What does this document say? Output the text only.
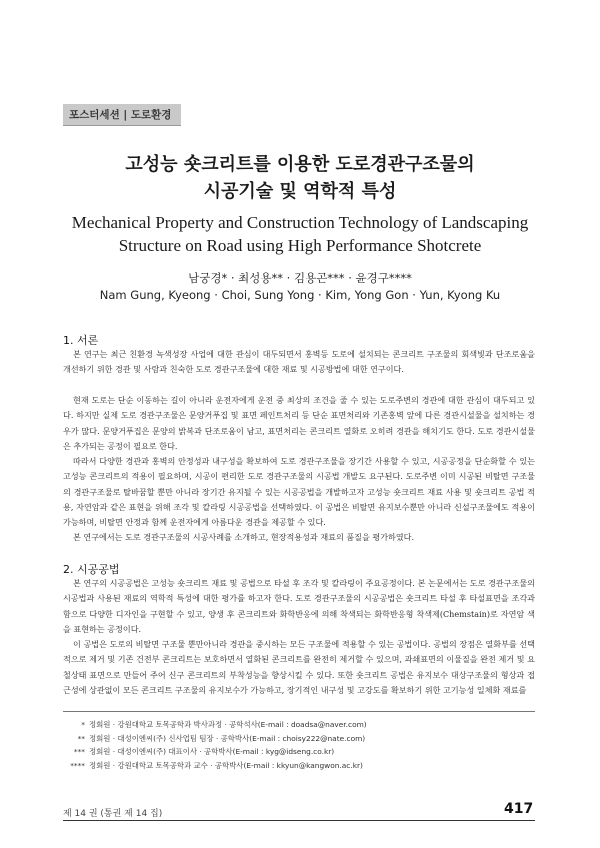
포스터세션 | 도로환경
고성능 숏크리트를 이용한 도로경관구조물의
시공기술 및 역학적 특성
Mechanical Property and Construction Technology of Landscaping
Structure on Road using High Performance Shotcrete
남궁경* · 최성용** · 김용곤*** · 윤경구****
Nam Gung, Kyeong · Choi, Sung Yong · Kim, Yong Gon · Yun, Kyong Ku
1. 서론

본 연구는 최근 친환경 녹색성장 사업에 대한 관심이 대두되면서 홍벽등 도로에 설치되는 콘크리트 구조물의 회색빛과 단조로움을 개선하기 위한 경관 및 사람과 친숙한 도로 경관구조물에 대한 재료 및 시공방법에 대한 연구이다.

현재 도로는 단순 이동하는 길이 아니라 운전자에게 운전 중 최상의 조건을 줄 수 있는 도로주변의 경관에 대한 관심이 대두되고 있다. 하지만 실제 도로 경관구조물은 문양거푸집 및 표면 페인트처리 등 단순 표면처리와 기존홍벽 앞에 다른 경관시설물을 설치하는 경우가 많다. 문양거푸집은 문양의 밝복과 단조로움이 남고, 표면처리는 콘크리트 열화로 오히려 경관을 해치기도 한다. 도로 경관시설물은 추가되는 공정이 필요로 한다.

따라서 다양한 경관과 홍벽의 안정성과 내구성을 확보하여 도로 경관구조물을 장기간 사용할 수 있고, 시공공정을 단순화할 수 있는 고성능 콘크리트의 적용이 필요하며, 시공이 편리한 도로 경관구조물의 시공법 개발도 요구된다. 도로주변 이미 시공된 비탈면 구조물의 경관구조물로 탈바꿈할 뿐만 아니라 장기간 유지될 수 있는 시공공법을 개발하고자 고성능 숏크리트 재료 사용 및 숏크리트 공법 적용, 자연암과 같은 표현을 위해 조각 및 칼라링 시공공법을 선택하였다. 이 공법은 비탈면 유지보수뿐만 아니라 신설구조물에도 적용이 가능하며, 비탈면 안정과 함께 운전자에게 아름다운 경관을 제공할 수 있다.

본 연구에서는 도로 경관구조물의 시공사례를 소개하고, 현장적용성과 재료의 품질을 평가하였다.

2. 시공공법

본 연구의 시공공법은 고성능 숏크리트 재료 및 공법으로 타설 후 조각 및 칼라링이 주요공정이다. 본 논문에서는 도로 경관구조물의 시공법과 사용된 재료의 역학적 특성에 대한 평가를 하고자 한다. 도로 경관구조물의 시공공법은 숏크리트 타설 후 타설표면을 조각과 함으로 다양한 디자인을 구현할 수 있고, 양생 후 콘크리트와 화학반응에 의해 착색되는 화학반응형 착색제(Chemstain)로 자연암 색을 표현하는 공정이다.

이 공법은 도로의 비탈면 구조물 뿐만아니라 경관을 중시하는 모든 구조물에 적용할 수 있는 공법이다. 공법의 장점은 열화부를 선택적으로 제거 및 기존 건전부 콘크리트는 보호하면서 열화된 콘크리트를 완전히 제거할 수 있으며, 과쇄표면의 이물질을 완전 제거 및 요철상태 표면으로 만들어 주어 신구 콘크리트의 부착성능을 향상시킬 수 있다. 또한 숏크리트 공법은 유지보수 대상구조물의 형상과 접근성에 상관없이 모든 콘크리트 구조물의 유지보수가 가능하고, 장기적인 내구성 및 고강도를 확보하기 위한 고기능성 일체화 재료를

* 정회원 · 강원대학교 토목공학과 박사과정 · 공학석사(E-mail : doadsa@naver.com)
** 정회원 · 대성이엔씨(주) 신사업팀 팀장 · 공학박사(E-mail : choisy222@nate.com)
*** 정회원 · 대성이엔씨(주) 대표이사 · 공학박사(E-mail : kyg@idseng.co.kr)
**** 정회원 · 강원대학교 토목공학과 교수 · 공학박사(E-mail : kkyun@kangwon.ac.kr)
제 14 권 (통권 제 14 집)	417
